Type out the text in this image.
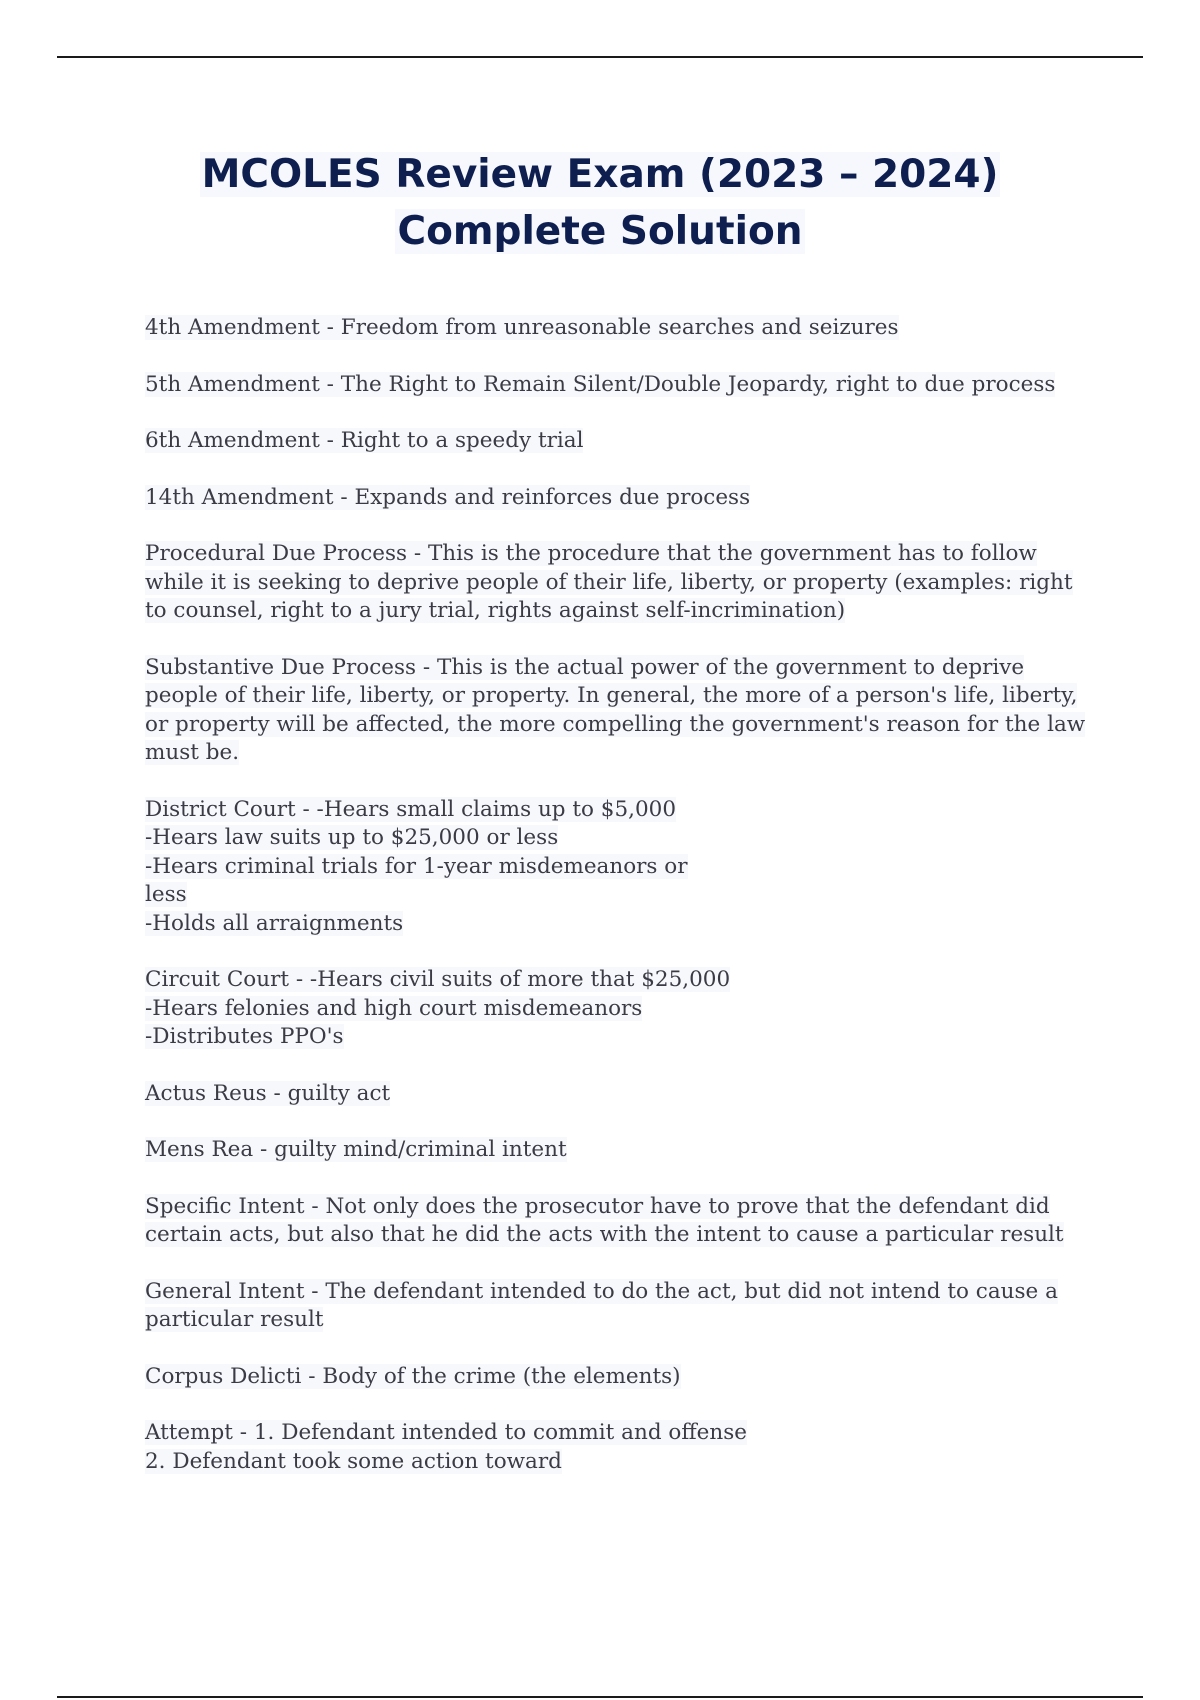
MCOLES Review Exam (2023 – 2024)
Complete Solution

4th Amendment - Freedom from unreasonable searches and seizures

5th Amendment - The Right to Remain Silent/Double Jeopardy, right to due process

6th Amendment - Right to a speedy trial

14th Amendment - Expands and reinforces due process

Procedural Due Process - This is the procedure that the government has to follow while it is seeking to deprive people of their life, liberty, or property (examples: right to counsel, right to a jury trial, rights against self-incrimination)

Substantive Due Process - This is the actual power of the government to deprive people of their life, liberty, or property. In general, the more of a person's life, liberty, or property will be affected, the more compelling the government's reason for the law must be.

District Court - -Hears small claims up to $5,000
-Hears law suits up to $25,000 or less
-Hears criminal trials for 1-year misdemeanors or
less
-Holds all arraignments

Circuit Court - -Hears civil suits of more that $25,000
-Hears felonies and high court misdemeanors
-Distributes PPO's

Actus Reus - guilty act

Mens Rea - guilty mind/criminal intent

Specific Intent - Not only does the prosecutor have to prove that the defendant did certain acts, but also that he did the acts with the intent to cause a particular result

General Intent - The defendant intended to do the act, but did not intend to cause a
particular result

Corpus Delicti - Body of the crime (the elements)

Attempt - 1. Defendant intended to commit and offense
2. Defendant took some action toward
